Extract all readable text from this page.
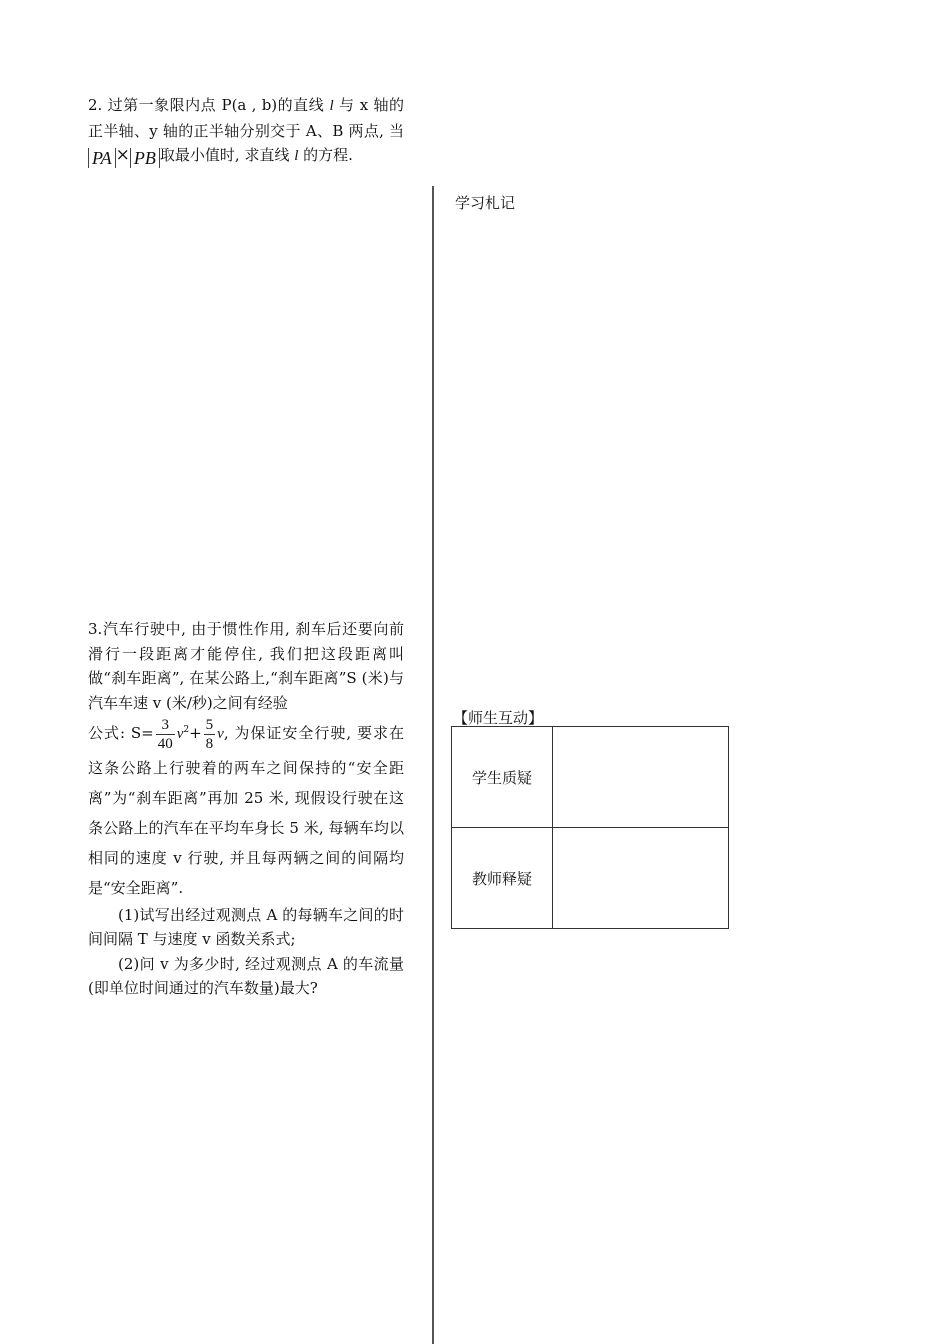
2. 过第一象限内点 P(a , b)的直线 l 与 x 轴的正半轴、y 轴的正半轴分别交于 A、B 两点, 当PA × PB 取最小值时, 求直线 l 的方程.

3.汽车行驶中, 由于惯性作用, 刹车后还要向前滑行一段距离才能停住, 我们把这段距离叫做“刹车距离”, 在某公路上,“刹车距离”S (米)与汽车车速 v (米/秒)之间有经验

公式: $S= \frac{3}{40} v^2+ \frac{5}{8} v$, 为保证安全行驶, 要求在这条公路上行驶着的两车之间保持的“安全距离”为“刹车距离”再加 25 米, 现假设行驶在这条公路上的汽车在平均车身长 5 米, 每辆车均以相同的速度 v 行驶, 并且每两辆之间的间隔均是“安全距离”.

(1)试写出经过观测点 A 的每辆车之间的时间间隔 T 与速度 v 函数关系式;

(2)问 v 为多少时, 经过观测点 A 的车流量(即单位时间通过的汽车数量)最大?

学习札记
【师生互动】
学生质疑	
教师释疑	
